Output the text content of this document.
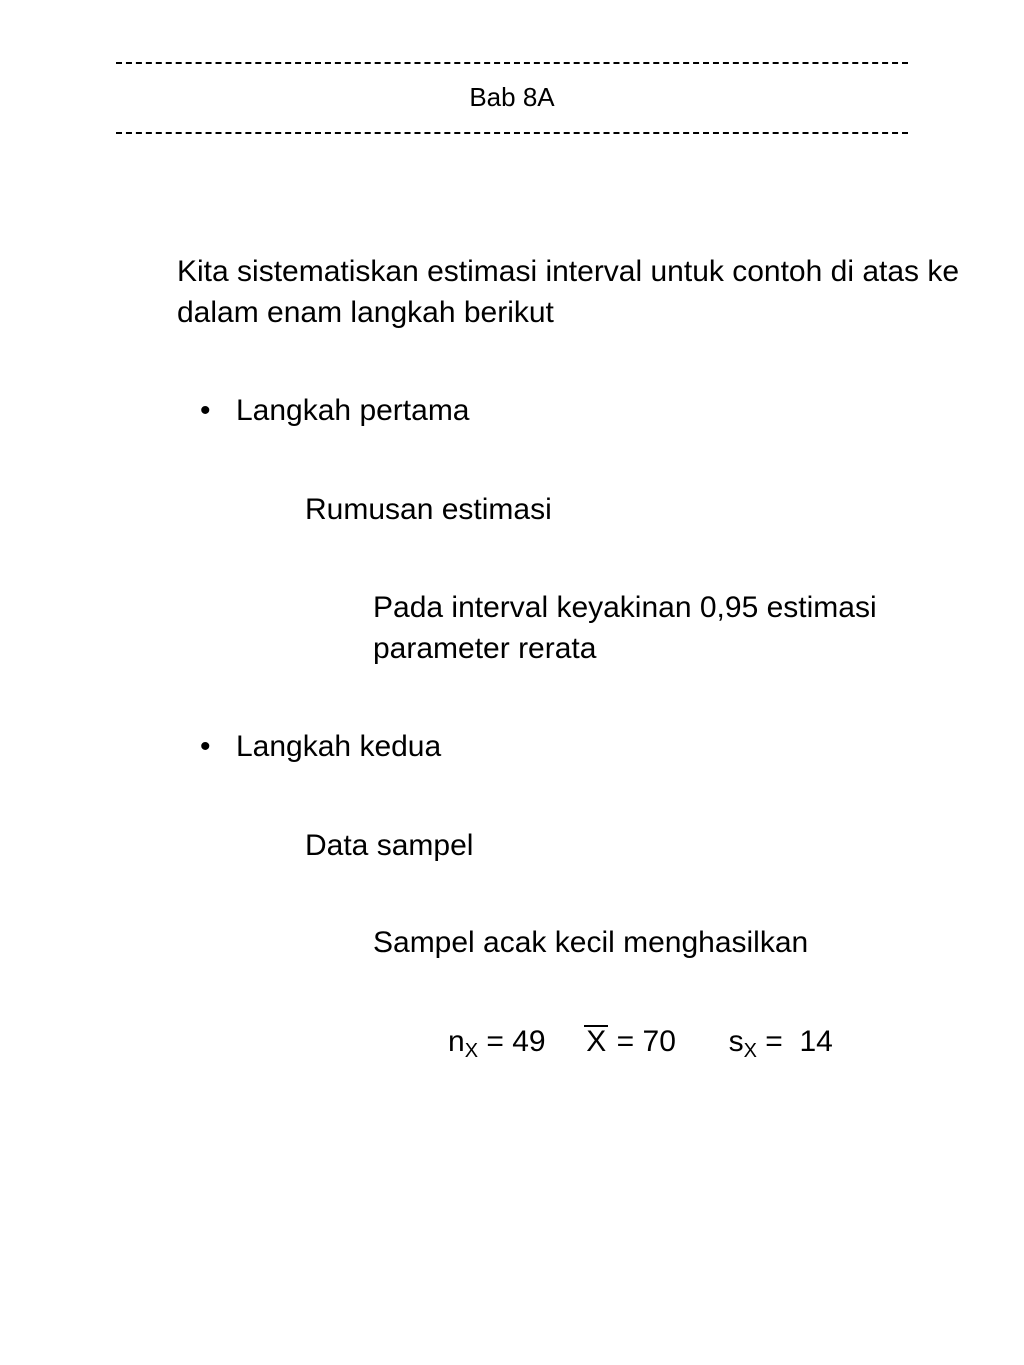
Bab 8A
Kita sistematiskan estimasi interval untuk contoh di atas ke dalam enam langkah berikut
• Langkah pertama
Rumusan estimasi
Pada interval keyakinan 0,95 estimasi parameter rerata
• Langkah kedua
Data sampel
Sampel acak kecil menghasilkan
$n_X = 49$ X = 70 $s_X = 14$
